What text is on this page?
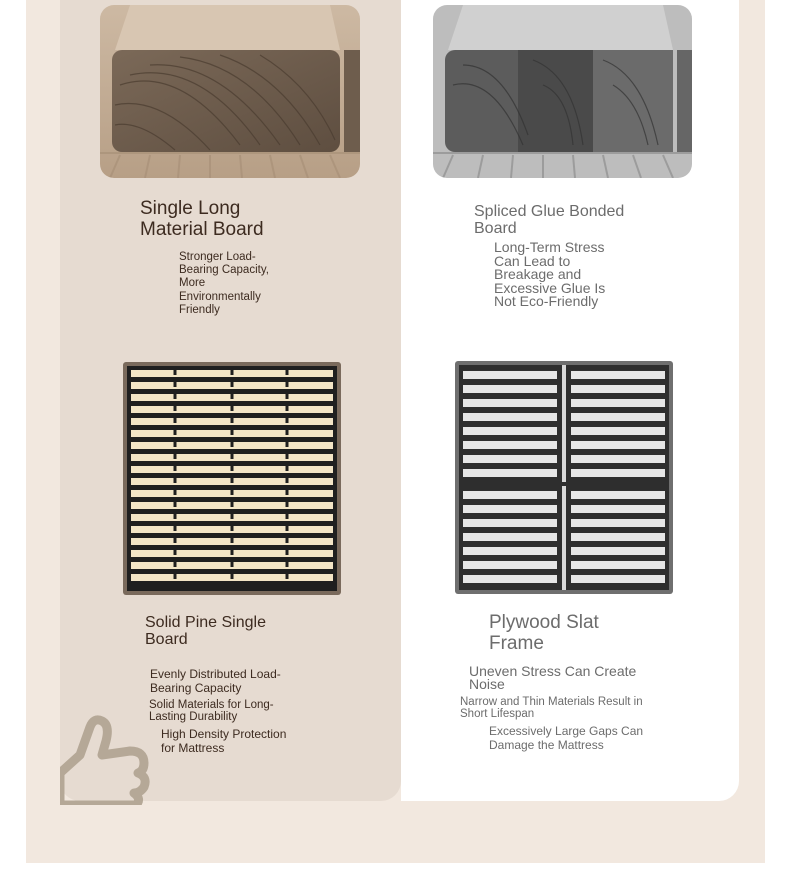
Single Long Material Board

Stronger Load-Bearing Capacity, More Environmentally Friendly

Spliced Glue Bonded Board

Long-Term Stress Can Lead to Breakage and Excessive Glue Is Not Eco-Friendly

Solid Pine Single Board

Evenly Distributed Load-Bearing Capacity

Solid Materials for Long-Lasting Durability

High Density Protection for Mattress

Plywood Slat Frame

Uneven Stress Can Create Noise

Narrow and Thin Materials Result in Short Lifespan

Excessively Large Gaps Can Damage the Mattress
